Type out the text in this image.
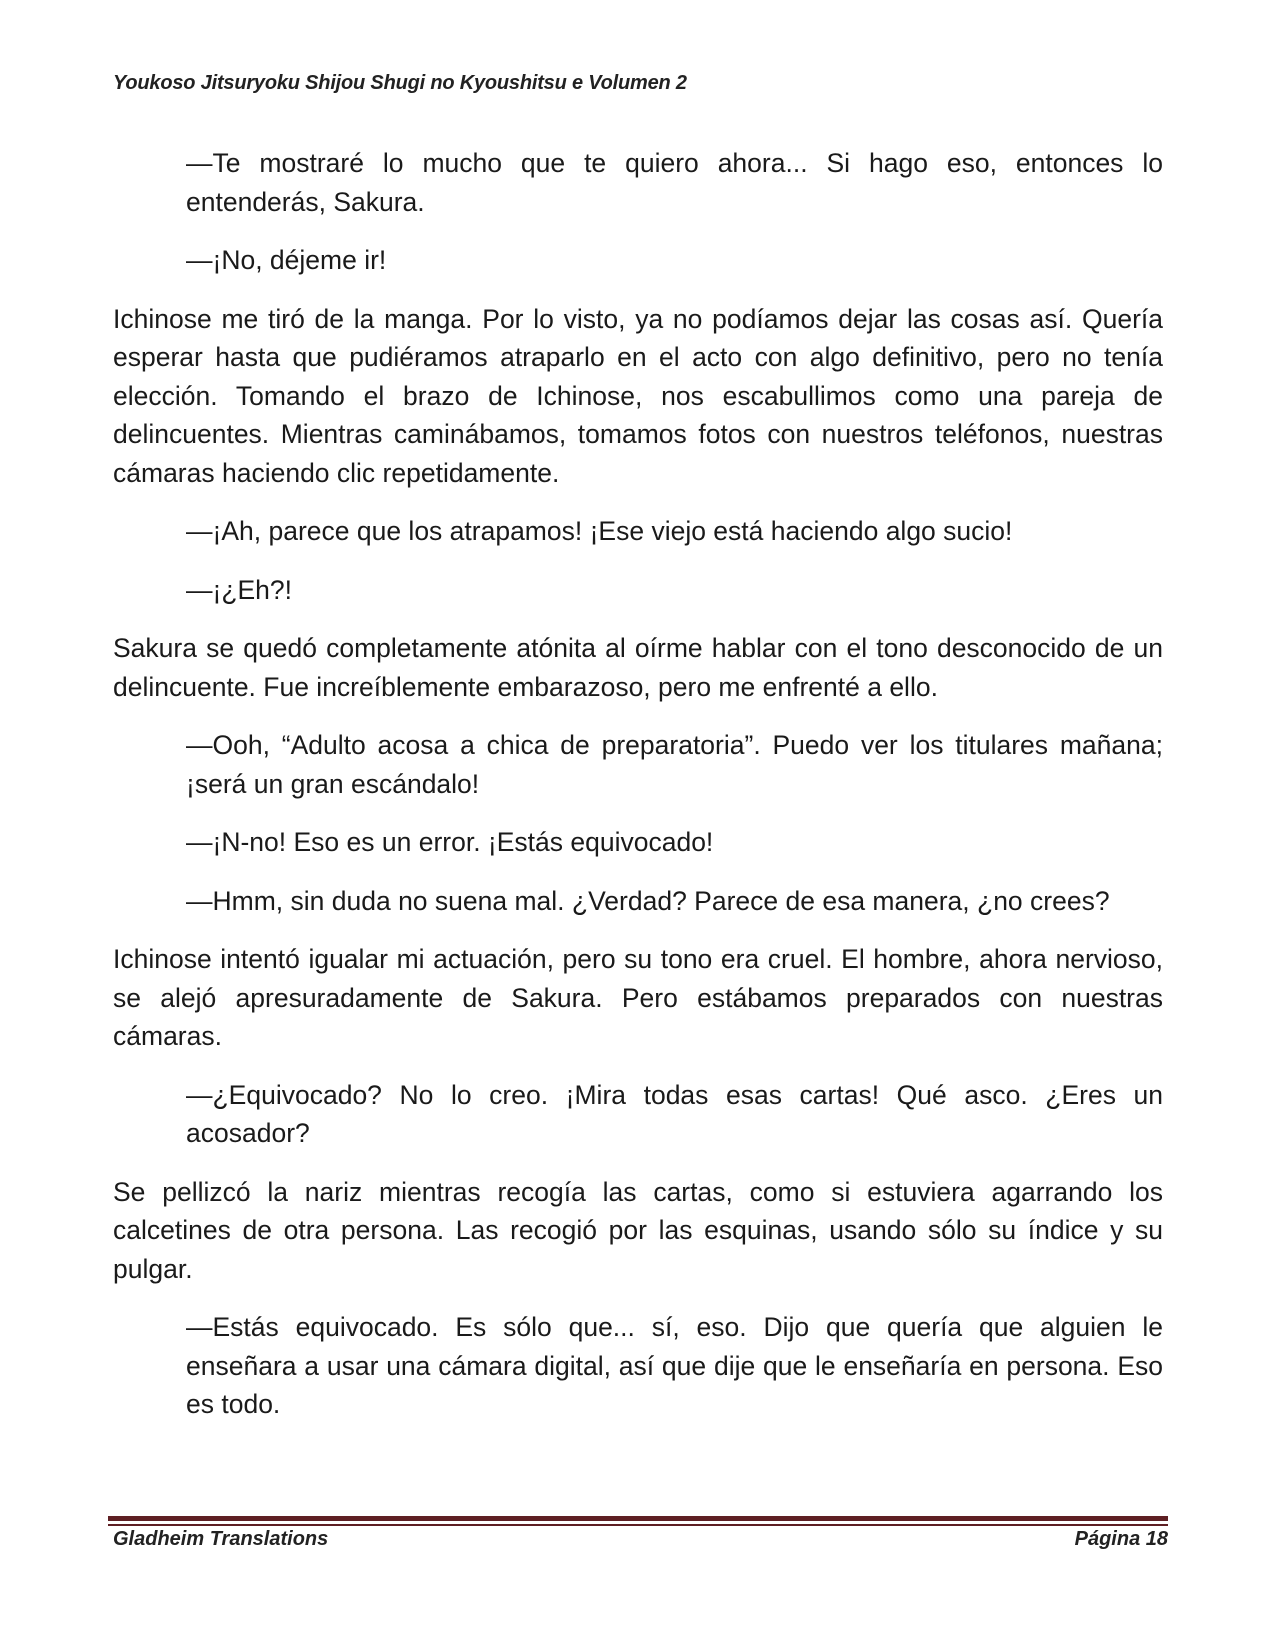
Youkoso Jitsuryoku Shijou Shugi no Kyoushitsu e Volumen 2

—Te mostraré lo mucho que te quiero ahora... Si hago eso, entonces lo entenderás, Sakura.

—¡No, déjeme ir!

Ichinose me tiró de la manga. Por lo visto, ya no podíamos dejar las cosas así. Quería esperar hasta que pudiéramos atraparlo en el acto con algo definitivo, pero no tenía elección. Tomando el brazo de Ichinose, nos escabullimos como una pareja de delincuentes. Mientras caminábamos, tomamos fotos con nuestros teléfonos, nuestras cámaras haciendo clic repetidamente.

—¡Ah, parece que los atrapamos! ¡Ese viejo está haciendo algo sucio!

—¡¿Eh?!

Sakura se quedó completamente atónita al oírme hablar con el tono desconocido de un delincuente. Fue increíblemente embarazoso, pero me enfrenté a ello.

—Ooh, “Adulto acosa a chica de preparatoria”. Puedo ver los titulares mañana; ¡será un gran escándalo!

—¡N-no! Eso es un error. ¡Estás equivocado!

—Hmm, sin duda no suena mal. ¿Verdad? Parece de esa manera, ¿no crees?

Ichinose intentó igualar mi actuación, pero su tono era cruel. El hombre, ahora nervioso, se alejó apresuradamente de Sakura. Pero estábamos preparados con nuestras cámaras.

—¿Equivocado? No lo creo. ¡Mira todas esas cartas! Qué asco. ¿Eres un acosador?

Se pellizcó la nariz mientras recogía las cartas, como si estuviera agarrando los calcetines de otra persona. Las recogió por las esquinas, usando sólo su índice y su pulgar.

—Estás equivocado. Es sólo que... sí, eso. Dijo que quería que alguien le enseñara a usar una cámara digital, así que dije que le enseñaría en persona. Eso es todo.

Gladheim Translations	Página 18
